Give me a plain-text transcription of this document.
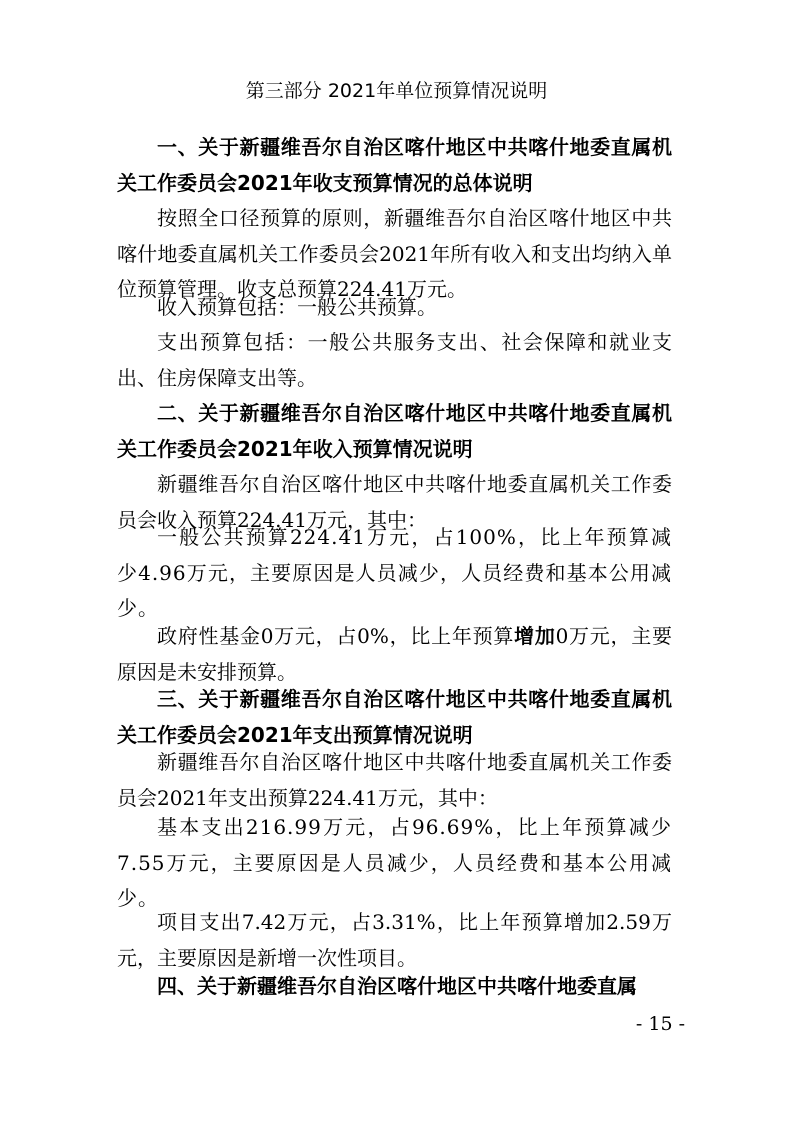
第三部分 2021年单位预算情况说明

一、关于新疆维吾尔自治区喀什地区中共喀什地委直属机关工作委员会2021年收支预算情况的总体说明

按照全口径预算的原则，新疆维吾尔自治区喀什地区中共喀什地委直属机关工作委员会2021年所有收入和支出均纳入单位预算管理。收支总预算224.41万元。

收入预算包括：一般公共预算。

支出预算包括：一般公共服务支出、社会保障和就业支出、住房保障支出等。

二、关于新疆维吾尔自治区喀什地区中共喀什地委直属机关工作委员会2021年收入预算情况说明

新疆维吾尔自治区喀什地区中共喀什地委直属机关工作委员会收入预算224.41万元，其中：

一般公共预算224.41万元，占100%，比上年预算减少4.96万元，主要原因是人员减少，人员经费和基本公用减少。

政府性基金0万元，占0%，比上年预算增加0万元，主要原因是未安排预算。

三、关于新疆维吾尔自治区喀什地区中共喀什地委直属机关工作委员会2021年支出预算情况说明

新疆维吾尔自治区喀什地区中共喀什地委直属机关工作委员会2021年支出预算224.41万元，其中：

基本支出216.99万元，占96.69%，比上年预算减少7.55万元，主要原因是人员减少，人员经费和基本公用减少。

项目支出7.42万元，占3.31%，比上年预算增加2.59万元，主要原因是新增一次性项目。

四、关于新疆维吾尔自治区喀什地区中共喀什地委直属

- 15 -
